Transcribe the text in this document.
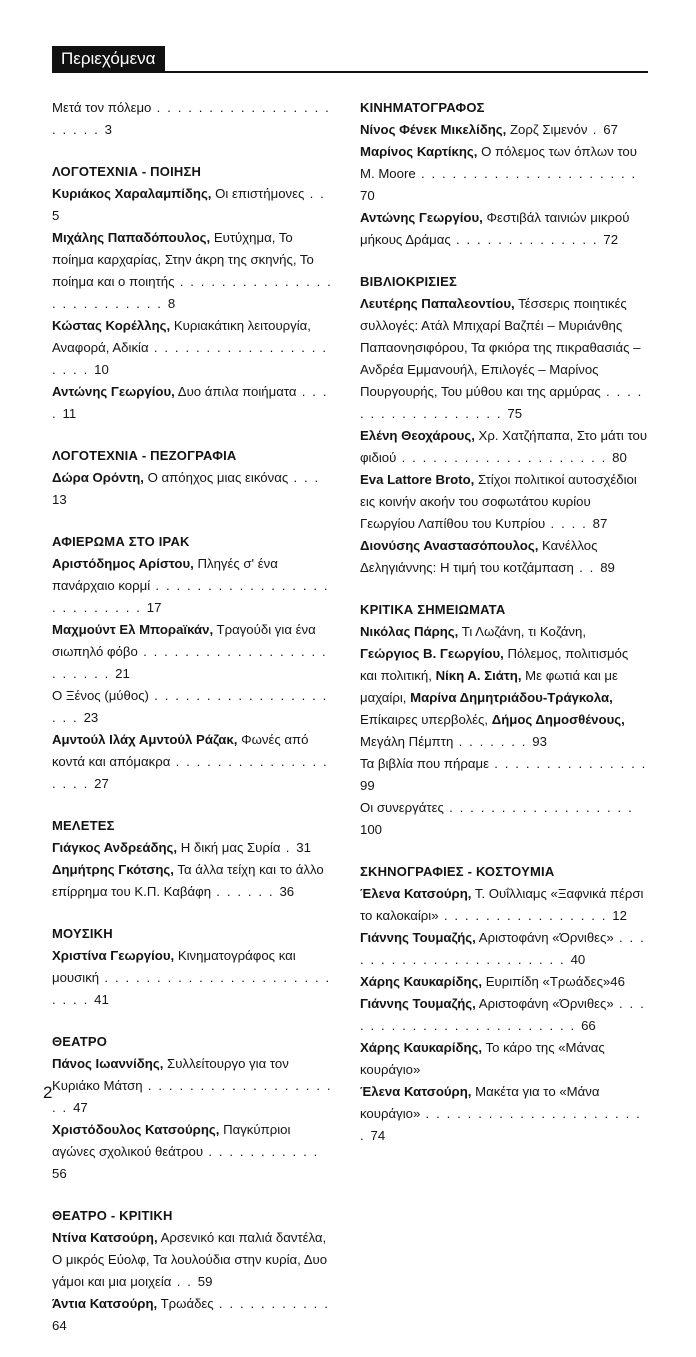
Περιεχόμενα
Μετά τον πόλεμο . . . . . . . . . . . . . . . . . . . . . . 3
ΛΟΓΟΤΕΧΝΙΑ - ΠΟΙΗΣΗ
Κυριάκος Χαραλαμπίδης, Οι επιστήμονες . . 5
Μιχάλης Παπαδόπουλος, Ευτύχημα, Το ποίημα καρχαρίας, Στην άκρη της σκηνής, Το ποίημα και ο ποιητής . . . . . . . . . . . . . . . . . . . . . . . . . . 8
Κώστας Κορέλλης, Κυριακάτικη λειτουργία, Αναφορά, Αδικία . . . . . . . . . . . . . . . . . . . . . 10
Αντώνης Γεωργίου, Δυο άπιλα ποιήματα . . . . 11
ΛΟΓΟΤΕΧΝΙΑ - ΠΕΖΟΓΡΑΦΙΑ
Δώρα Ορόντη, Ο απόηχος μιας εικόνας . . . 13
ΑΦΙΕΡΩΜΑ ΣΤΟ ΙΡΑΚ
Αριστόδημος Αρίστου, Πληγές σ' ένα πανάρχαιο κορμί . . . . . . . . . . . . . . . . . . . . . . . . . . 17
Μαχμούντ Ελ Μπορaϊκάν, Τραγούδι για ένα σιωπηλό φόβο . . . . . . . . . . . . . . . . . . . . . . . . 21
Ο Ξένος (μύθος) . . . . . . . . . . . . . . . . . . . . 23
Αμντούλ Ιλάχ Αμντούλ Ράζακ, Φωνές από κοντά και απόμακρα . . . . . . . . . . . . . . . . . . . 27
ΜΕΛΕΤΕΣ
Γιάγκος Ανδρεάδης, Η δική μας Συρία . 31
Δημήτρης Γκότσης, Τα άλλα τείχη και το άλλο επίρρημα του Κ.Π. Καβάφη . . . . . . 36
ΜΟΥΣΙΚΗ
Χριστίνα Γεωργίου, Κινηματογράφος και μουσική . . . . . . . . . . . . . . . . . . . . . . . . . . 41
ΘΕΑΤΡΟ
Πάνος Ιωαννίδης, Συλλείτουργο για τον Κυριάκο Μάτση . . . . . . . . . . . . . . . . . . . . 47
Χριστόδουλος Κατσούρης, Παγκύπριοι αγώνες σχολικού θεάτρου . . . . . . . . . . . 56
ΘΕΑΤΡΟ - ΚΡΙΤΙΚΗ
Ντίνα Κατσούρη, Αρσενικό και παλιά δαντέλα, Ο μικρός Εύολφ, Τα λουλούδια στην κυρία, Δυο γάμοι και μια μοιχεία . . 59
Άντια Κατσούρη, Τρωάδες . . . . . . . . . . . 64
ΚΙΝΗΜΑΤΟΓΡΑΦΟΣ
Νίνος Φένεκ Μικελίδης, Ζορζ Σιμενόν . 67
Μαρίνος Καρτίκης, Ο πόλεμος των όπλων του Μ. Moore . . . . . . . . . . . . . . . . . . . . . 70
Αντώνης Γεωργίου, Φεστιβάλ ταινιών μικρού μήκους Δράμας . . . . . . . . . . . . . . 72
ΒΙΒΛΙΟΚΡΙΣΙΕΣ
Λευτέρης Παπαλεοντίου, Τέσσερις ποιητικές συλλογές: Ατάλ Μπιχαρί Βαζπέι – Μυριάνθης Παπαονησιφόρου, Τα φκιόρα της πικραθασιάς – Ανδρέα Εμμανουήλ, Επιλογές – Μαρίνος Πουργουρής, Του μύθου και της αρμύρας . . . . . . . . . . . . . . . . . . 75
Ελένη Θεοχάρους, Χρ. Χατζήπαπα, Στο μάτι του φιδιού . . . . . . . . . . . . . . . . . . . . 80
Eva Lattore Broto, Στίχοι πολιτικοί αυτοσχέδιοι εις κοινήν ακοήν του σοφωτάτου κυρίου Γεωργίου Λαπίθου του Κυπρίου . . . . 87
Διονύσης Αναστασόπουλος, Κανέλλος Δεληγιάννης: Η τιμή του κοτζάμπαση . . 89
ΚΡΙΤΙΚΑ ΣΗΜΕΙΩΜΑΤΑ
Νικόλας Πάρης, Τι Λωζάνη, τι Κοζάνη, Γεώργιος Β. Γεωργίου, Πόλεμος, πολιτισμός και πολιτική, Νίκη Α. Σιάτη, Με φωτιά και με μαχαίρι, Μαρίνα Δημητριάδου-Τράγκολα, Επίκαιρες υπερβολές, Δήμος Δημοσθένους, Μεγάλη Πέμπτη . . . . . . . 93
Τα βιβλία που πήραμε . . . . . . . . . . . . . . . 99
Οι συνεργάτες . . . . . . . . . . . . . . . . . . 100
ΣΚΗΝΟΓΡΑΦΙΕΣ - ΚΟΣΤΟΥΜΙΑ
Έλενα Κατσούρη, Τ. Ουΐλλιαμς «Ξαφνικά πέρσι το καλοκαίρι» . . . . . . . . . . . . . . . . 12
Γιάννης Τουμαζής, Αριστοφάνη «Όρνιθες» . . . . . . . . . . . . . . . . . . . . . . . 40
Χάρης Καυκαρίδης, Ευριπίδη «Τρωάδες»46
Γιάννης Τουμαζής, Αριστοφάνη «Όρνιθες» . . . . . . . . . . . . . . . . . . . . . . . . 66
Χάρης Καυκαρίδης, Το κάρο της «Μάνας κουράγιο»
Έλενα Κατσούρη, Μακέτα για το «Μάνα κουράγιο» . . . . . . . . . . . . . . . . . . . . . . 74
2
